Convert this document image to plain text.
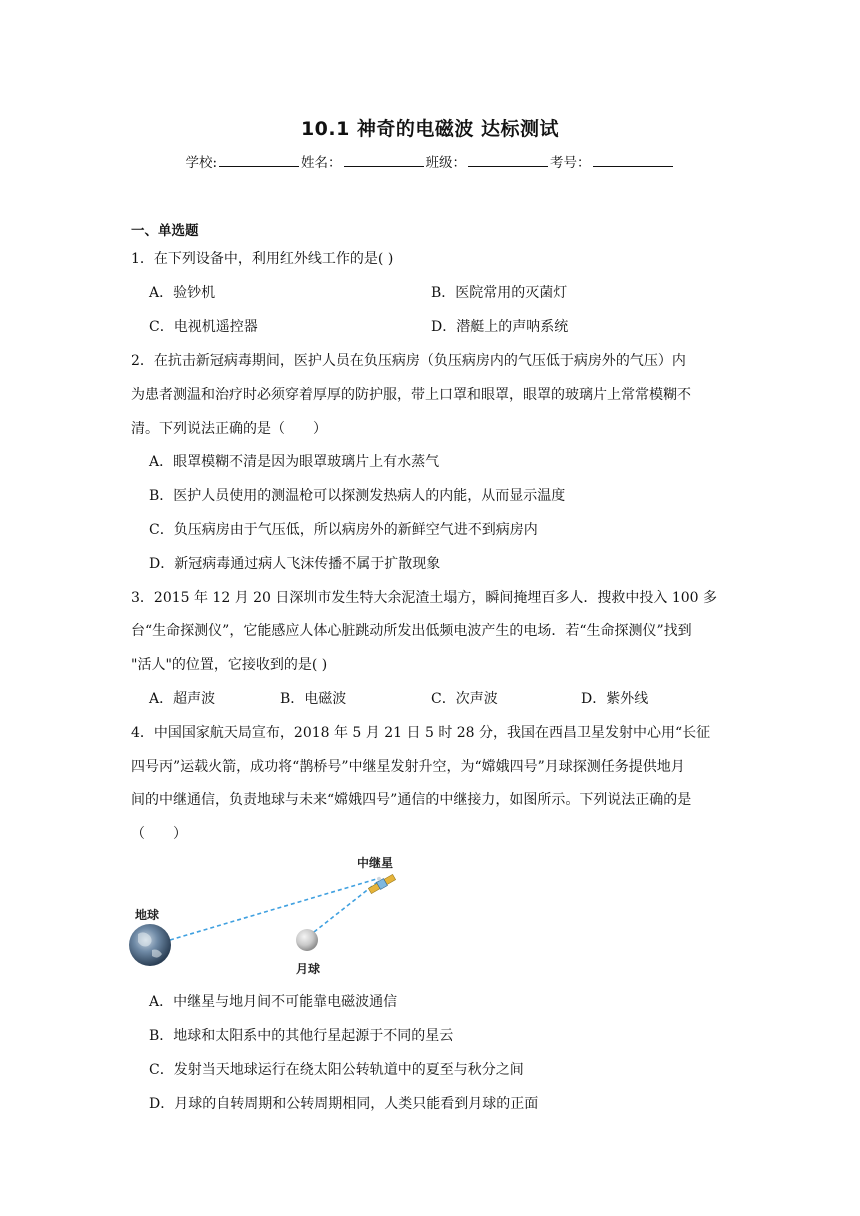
10.1 神奇的电磁波 达标测试
学校:	姓名：	班级：	考号：
一、单选题
1．在下列设备中，利用红外线工作的是( )
A．验钞机	B．医院常用的灭菌灯
C．电视机遥控器	D．潜艇上的声呐系统
2．在抗击新冠病毒期间，医护人员在负压病房（负压病房内的气压低于病房外的气压）内
为患者测温和治疗时必须穿着厚厚的防护服，带上口罩和眼罩，眼罩的玻璃片上常常模糊不
清。下列说法正确的是（　　）
A．眼罩模糊不清是因为眼罩玻璃片上有水蒸气
B．医护人员使用的测温枪可以探测发热病人的内能，从而显示温度
C．负压病房由于气压低，所以病房外的新鲜空气进不到病房内
D．新冠病毒通过病人飞沫传播不属于扩散现象
3．2015 年 12 月 20 日深圳市发生特大余泥渣土塌方，瞬间掩埋百多人．搜救中投入 100 多
台“生命探测仪”，它能感应人体心脏跳动所发出低频电波产生的电场．若“生命探测仪”找到
"活人"的位置，它接收到的是( )
A．超声波	B．电磁波	C．次声波	D．紫外线
4．中国国家航天局宣布，2018 年 5 月 21 日 5 时 28 分，我国在西昌卫星发射中心用“长征
四号丙”运载火箭，成功将“鹊桥号”中继星发射升空，为“嫦娥四号”月球探测任务提供地月
间的中继通信，负责地球与未来“嫦娥四号”通信的中继接力，如图所示。下列说法正确的是
（　　）
中继星
地球
月球
A．中继星与地月间不可能靠电磁波通信
B．地球和太阳系中的其他行星起源于不同的星云
C．发射当天地球运行在绕太阳公转轨道中的夏至与秋分之间
D．月球的自转周期和公转周期相同，人类只能看到月球的正面
